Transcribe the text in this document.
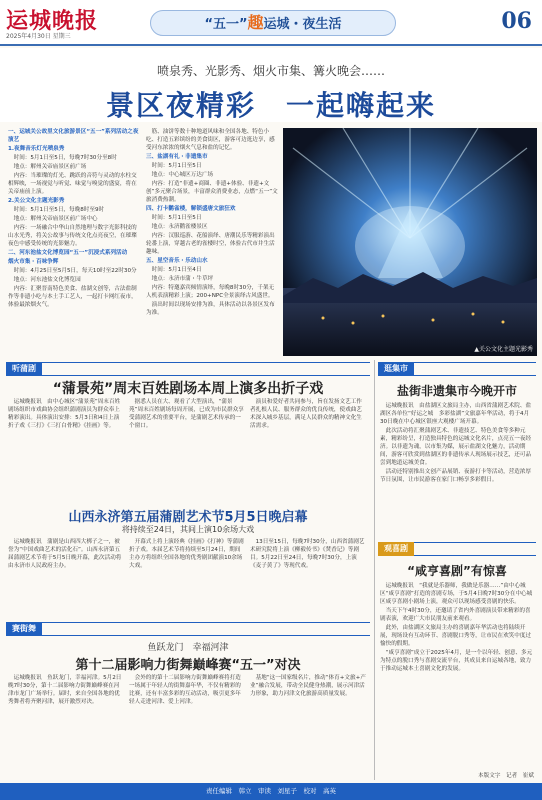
运城晚报
2025年4月30日 星期三
“五一”趣运城・夜生活	06
喷泉秀、光影秀、烟火市集、篝火晚会……
景区夜精彩　一起嗨起来

一、运城关公故里文化旅游景区“五一”系列活动之夜演艺

1.夜舞音乐灯光喷泉秀

时间：5月1日至5日，每晚7时30分至8时

地点：解州关帝庙景区前广场

内容：当璀璨的灯光、跳跃的音符与灵动的水柱交相辉映，一场视觉与听觉、味觉与嗅觉的盛宴，将在关帝庙前上演。

2.关公文化主题光影秀

时间：5月1日至5日，每晚8时至9时

地点：解州关帝庙景区前广场中心

内容：一场融合中华山自然地理与数字光影科技的山水光秀，将关公故事与传统文化点亮夜空，在璀璨夜色中感受传统的光影魅力。

二、河东池盐文化博览园“五一”沉浸式系列活动

烟火市集・百味争辉

时间：4月25日至5月5日，每天10时至22时30分

地点：河东池盐文化博览园

内容：汇聚晋南特色美食、盐湖文创等，古法盐制作等非遗小吃与本土手工艺人，一起打卡网红夜市，体验最浓烟火气。

筋、油饼等数十种地道风味和全国各地、特色小吃、打造五彩缤纷的美食街区，游客可边逛边享，感受河东浓浓的烟火气息和盐的记忆。

三、盐湖有礼・非遗集市

时间：5月1日至5日

地点：中心城区万达广场

内容：打造“非遗+商圈、非遗+体验、非遗+文创”多元聚合场景，丰富群众消费业态，点燃“五一”文旅消费热潮。

四、打卡鹳雀楼，解锁盛唐文旅狂欢

时间：5月1日至5日

地点：永济鹳雀楼景区

内容：汉服巡游、花船演绎、唐潮民乐等精彩演出轮番上演，穿越古老的雀楼时空，体验古代市井生活趣味。

五、星空音乐・乐动山水

时间：5月1日至4日

地点：永济市蒲・牛草坪

内容：特邀嘉宾倾情演绎，每晚8时30分，千架无人机表演精彩上演；200+NPC全景演绎古风盛世。

演出时间以现场安排为准，具体活动以各景区发布为准。

▲关公文化主题光影秀
听蒲剧
“蒲景苑”周末百姓剧场本周上演多出折子戏

运城晚报讯　由中心城区“蒲景苑”周末百姓剧场组织市戏曲协会组织蒲剧演员为群众奉上精彩演出。具体演出安排：5月3日和4日上演折子戏《三打》《三打白骨精》《挂画》等。

据悉人员在大、观看了大型演出，“蒲景苑”周末百姓剧场每周开展，已成为市民群众享受蒲剧艺术的重要平台，是蒲剧艺术传承的一个窗口。

演员和爱好者共同参与，旨在发扬文艺工作者扎根人民、服务群众的优良传统，使戏曲艺术深入城乡基层，满足人民群众的精神文化生活需求。

山西永济第五届蒲剧艺术节5月5日晚启幕
将持续至24日，其间上演10余场大戏

运城晚报讯　蒲剧是山西四大梆子之一，被誉为“中国戏曲艺术的活化石”。山西永济第五届蒲剧艺术节将于5月5日晚开幕，此次活动将由永济市人民政府主办。

开幕式上将上演经典《挂画》《打神》等蒲剧折子戏。本届艺术节将持续至5月24日，期间主办方将组织全国各地的优秀剧团献演10余场大戏。

13日至15日，每晚7时30分，山西省蒲剧艺术研究院将上演《柳毅传书》《焚香记》等剧目。5月22日至24日，每晚7时30分，上演《麦子黄了》等现代戏。

赛街舞
鱼跃龙门　幸福河津
第十二届影响力街舞巅峰赛“五一”对决

运城晚报讯　鱼跃龙门，幸福河津。5月2日晚7时30分，第十二届影响力街舞巅峰赛在河津市龙门广场举行。届时，来自全国各地的优秀舞者将齐聚河津，展开激烈对决。

会外的的第十二届影响力街舞巅峰赛将打造一场属于年轻人的街舞嘉年华，不仅有精彩的比赛，还有丰富多彩的互动活动，吸引更多年轻人走进河津、爱上河津。

基地“这一国家级名片，推动“体育+文旅+产业”融合发展，带动全民健身热潮，展示河津活力形象，助力河津文化旅游高质量发展。

逛集市
盐街非遗集市今晚开市

运城晚报讯　由盐湖区文旅局主办，山西省蒲剧艺术院、盐湖区各单位“好运之城　多彩盐湖”文旅嘉年华活动，将于4月30日晚在中心城区银座大观楼广场开幕。

此次活动将汇聚蒲剧艺术、非遗技艺、特色美食等多种元素，精彩纷呈，打造独具特色的运城文化名片，点亮五一夜经济。以非遗为魂，以市集为媒，展示盐湖文化魅力，活动期间，游客可欣赏到盐湖区的非遗传承人现场展示技艺，还可品尝到地道运城美食。

活动还特别推出文创产品展销、夜游打卡等活动，营造浓厚节日氛围，让市民游客在家门口畅享多彩假日。

观喜剧
“咸亨喜剧”有惊喜

运城晚报讯　“我就是乐器师，我做是乐器……”由中心城区“咸亨喜剧”打造的喜剧专场，于5月4日晚7时30分在中心城区咸亨喜剧小剧场上演，观众可以现场感受喜剧的快乐。

当天下午4时30分，还邀请了省内外喜剧演员带来精彩的喜剧表演，欢迎广大市民朋友前来观看。

此外，由盐湖区文旅局主办的喜剧嘉年华活动也将陆续开展，现场设有互动环节、喜剧脱口秀等，让市民在欢笑中度过愉快的假期。

“咸亨喜剧”成立于2025年4月，是一个以年轻、创意、多元为特点的脱口秀与喜剧交流平台，其成员来自运城各地，致力于推动运城本土喜剧文化的发展。

本版文字　记者　崔斌
责任编辑　韩立　审读　刘星子　校对　高英
